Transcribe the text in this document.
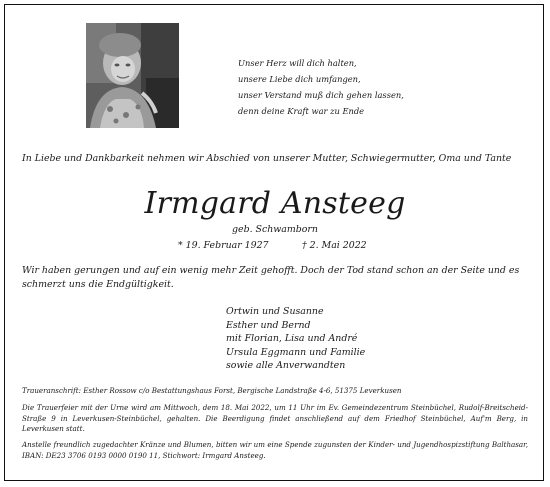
Unser Herz will dich halten,
unsere Liebe dich umfangen,
unser Verstand muß dich gehen lassen,
denn deine Kraft war zu Ende
In Liebe und Dankbarkeit nehmen wir Abschied von unserer Mutter, Schwiegermutter, Oma und Tante
Irmgard Ansteeg
geb. Schwamborn
* 19. Februar 1927	† 2. Mai 2022
Wir haben gerungen und auf ein wenig mehr Zeit gehofft. Doch der Tod stand schon an der Seite und es schmerzt uns die Endgültigkeit.
Ortwin und Susanne
Esther und Bernd
mit Florian, Lisa und André
Ursula Eggmann und Familie
sowie alle Anverwandten
Traueranschrift: Esther Rossow c/o Bestattungshaus Forst, Bergische Landstraße 4-6, 51375 Leverkusen
Die Trauerfeier mit der Urne wird am Mittwoch, dem 18. Mai 2022, um 11 Uhr im Ev. Gemeindezentrum Steinbüchel, Rudolf-Breitscheid-Straße 9 in Leverkusen-Steinbüchel, gehalten. Die Beerdigung findet anschließend auf dem Friedhof Steinbüchel, Auf'm Berg, in Leverkusen statt.
Anstelle freundlich zugedachter Kränze und Blumen, bitten wir um eine Spende zugunsten der Kinder- und Jugendhospizstiftung Balthasar, IBAN: DE23 3706 0193 0000 0190 11, Stichwort: Irmgard Ansteeg.
